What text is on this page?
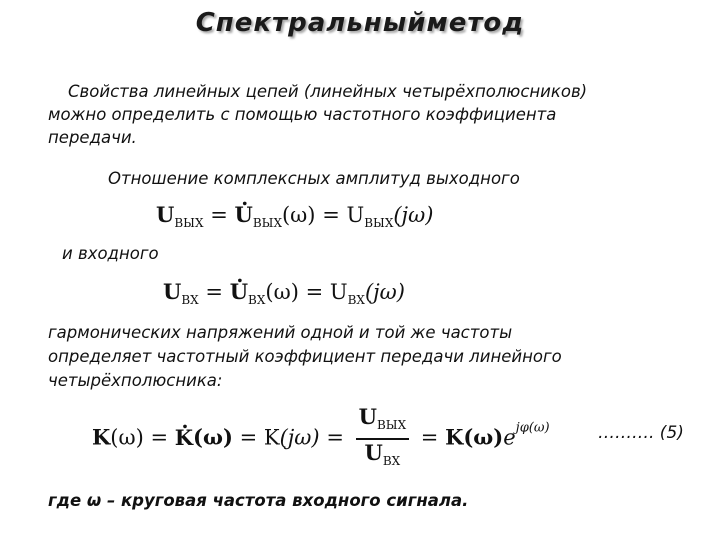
Спектральныйметод

Свойства линейных цепей (линейных четырёхполюсников)

можно определить с помощью частотного коэффициента

передачи.

Отношение комплексных амплитуд выходного

$U_{ВЫХ} = U$ $._{ВЫХ}(\omega) = U_{ВЫХ}(j\omega)$

и входного

$U_{ВХ} = U$ $._{ВХ}(\omega) = U_{ВХ}(j\omega)$

гармонических напряжений одной и той же частоты

определяет частотный коэффициент передачи линейного

четырёхполюсника:

K(ω) = K $.(\omega) = K(j\omega) = \frac{U_{ВЫХ}}{U_{ВХ}} = K(\omega)e^{j\varphi(\omega)}$	………. (5)

где ω – круговая частота входного сигнала.
